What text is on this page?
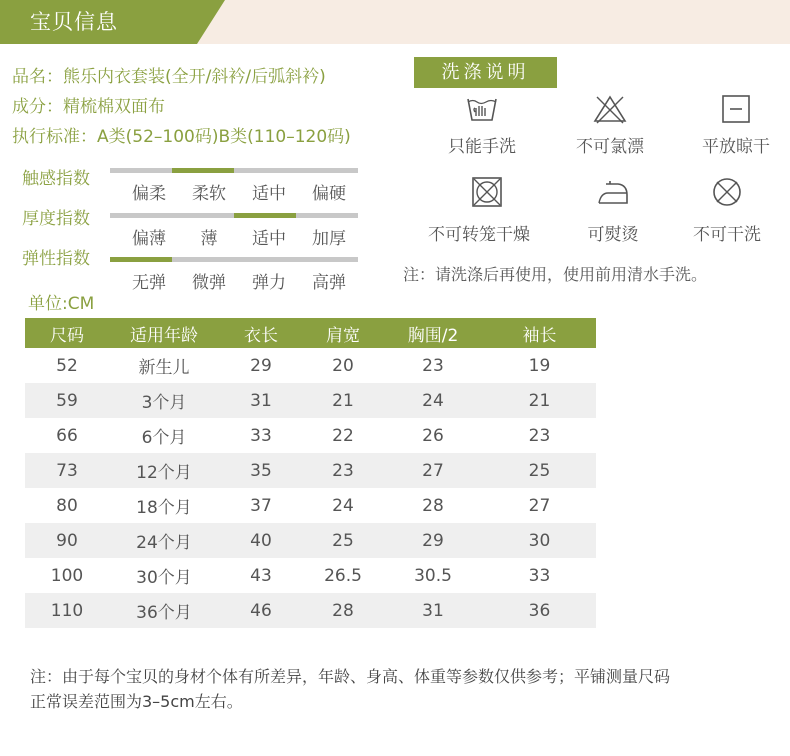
宝贝信息
品名：熊乐内衣套装(全开/斜衿/后弧斜衿)
成分：精梳棉双面布
执行标准：A类(52–100码)B类(110–120码)
洗涤说明
只能手洗	不可氯漂	平放晾干
不可转笼干燥	可熨烫	不可干洗
注：请洗涤后再使用，使用前用清水手洗。
触感指数
偏柔	柔软	适中	偏硬
厚度指数
偏薄	薄	适中	加厚
弹性指数
无弹	微弹	弹力	高弹
单位:CM
尺码	适用年龄	衣长	肩宽	胸围/2	袖长
52	新生儿	29	20	23	19
59	3个月	31	21	24	21
66	6个月	33	22	26	23
73	12个月	35	23	27	25
80	18个月	37	24	28	27
90	24个月	40	25	29	30
100	30个月	43	26.5	30.5	33
110	36个月	46	28	31	36
注：由于每个宝贝的身材个体有所差异，年龄、身高、体重等参数仅供参考；平铺测量尺码
正常误差范围为3–5cm左右。
